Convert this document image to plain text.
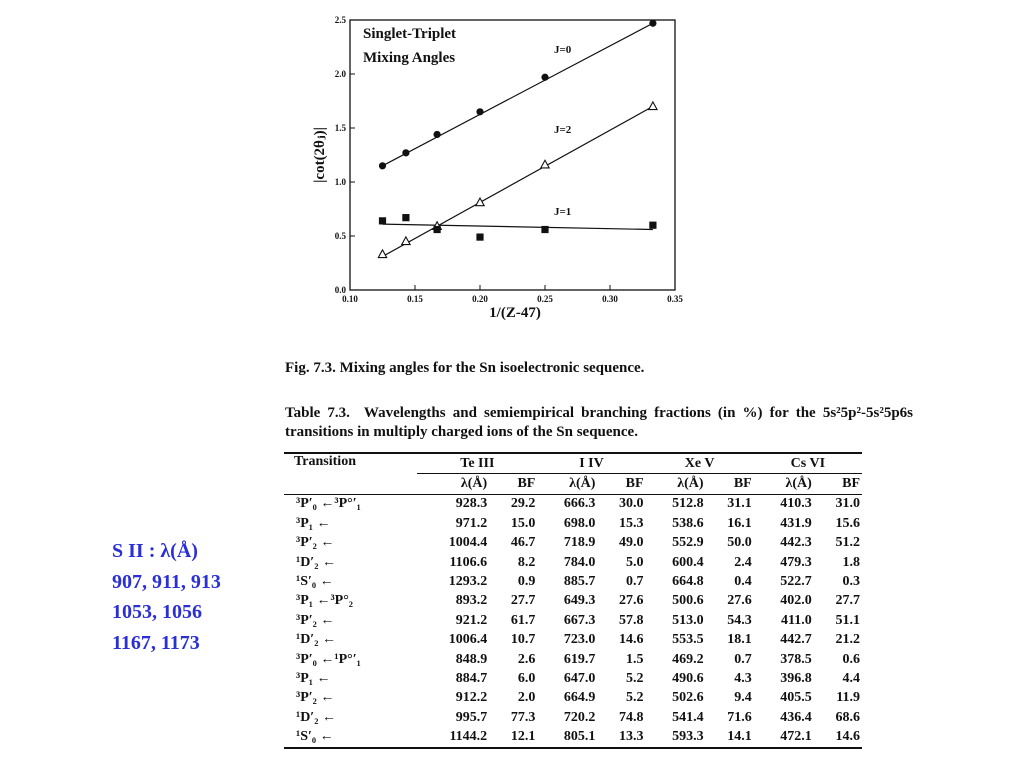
0.10	0.15	0.20	0.25	0.30	0.35
0.0
0.5
1.0
1.5
2.0
2.5
Singlet-Triplet
Mixing Angles	J=0
J=2
J=1
1/(Z-47)
|cot(2θⱼ)|
Fig. 7.3. Mixing angles for the Sn isoelectronic sequence.
Table 7.3.  Wavelengths and semiempirical branching fractions (in %) for the 5s²5p²-5s²5p6s transitions in multiply charged ions of the Sn sequence.
Transition	Te III		I IV		Xe V		Cs VI	
	λ(Å)	BF	λ(Å)	BF	λ(Å)	BF	λ(Å)	BF
³P′₀ ←³P°′₁	928.3	29.2	666.3	30.0	512.8	31.1	410.3	31.0
³P₁ ←	971.2	15.0	698.0	15.3	538.6	16.1	431.9	15.6
³P′₂ ←	1004.4	46.7	718.9	49.0	552.9	50.0	442.3	51.2
¹D′₂ ←	1106.6	8.2	784.0	5.0	600.4	2.4	479.3	1.8
¹S′₀ ←	1293.2	0.9	885.7	0.7	664.8	0.4	522.7	0.3
³P₁ ←³P°₂	893.2	27.7	649.3	27.6	500.6	27.6	402.0	27.7
³P′₂ ←	921.2	61.7	667.3	57.8	513.0	54.3	411.0	51.1
¹D′₂ ←	1006.4	10.7	723.0	14.6	553.5	18.1	442.7	21.2
³P′₀ ←¹P°′₁	848.9	2.6	619.7	1.5	469.2	0.7	378.5	0.6
³P₁ ←	884.7	6.0	647.0	5.2	490.6	4.3	396.8	4.4
³P′₂ ←	912.2	2.0	664.9	5.2	502.6	9.4	405.5	11.9
¹D′₂ ←	995.7	77.3	720.2	74.8	541.4	71.6	436.4	68.6
¹S′₀ ←	1144.2	12.1	805.1	13.3	593.3	14.1	472.1	14.6
S II : λ(Å)
907, 911, 913
1053, 1056
1167, 1173
